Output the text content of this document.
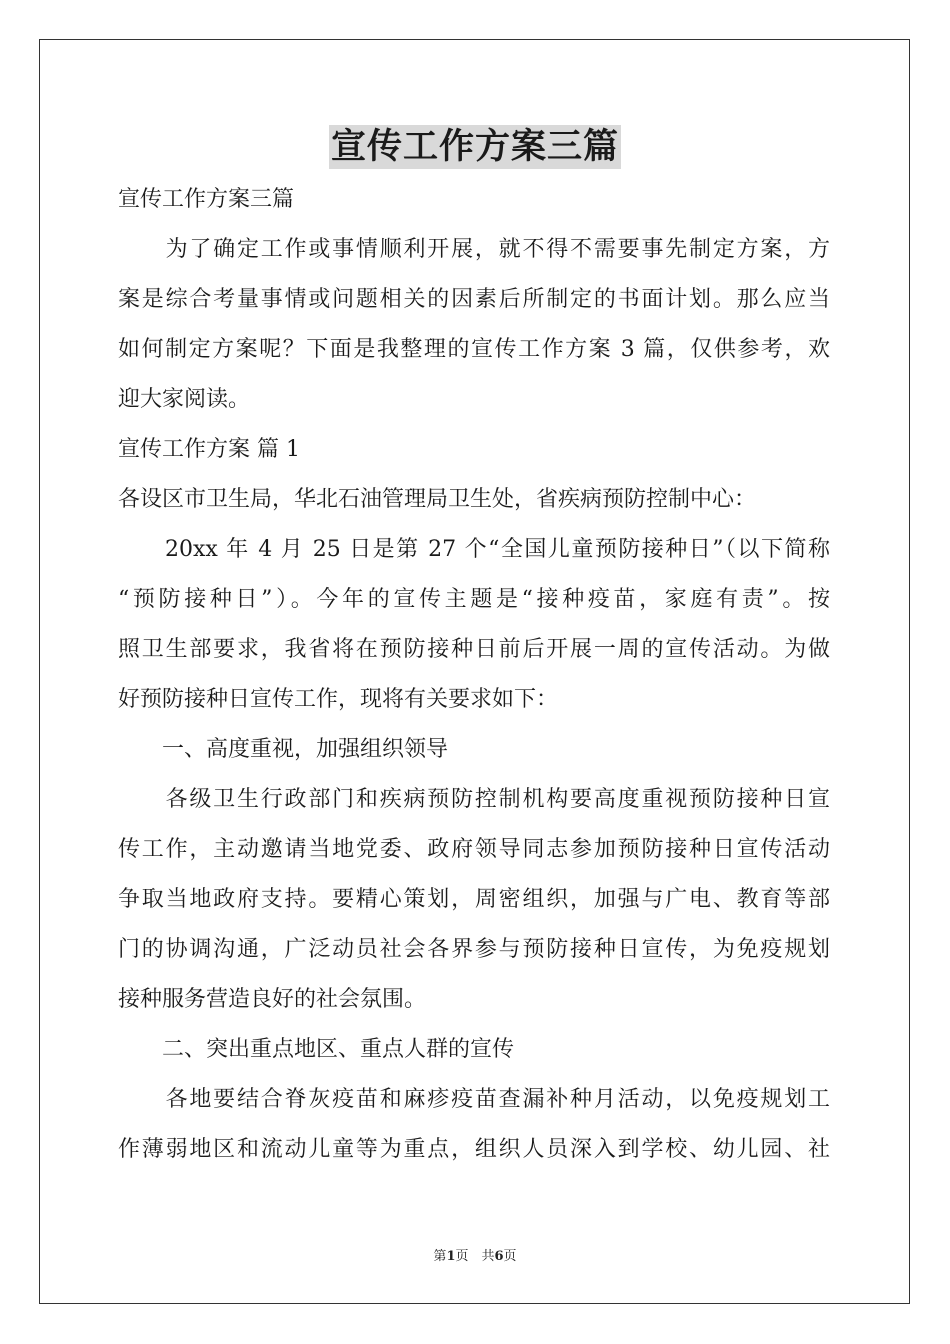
宣传工作方案三篇

宣传工作方案三篇

　　为了确定工作或事情顺利开展，就不得不需要事先制定方案，方

案是综合考量事情或问题相关的因素后所制定的书面计划。那么应当

如何制定方案呢？下面是我整理的宣传工作方案 3 篇，仅供参考，欢

迎大家阅读。

宣传工作方案 篇 1

各设区市卫生局，华北石油管理局卫生处，省疾病预防控制中心：

　　20xx 年 4 月 25 日是第 27 个“全国儿童预防接种日”（以下简称

“预防接种日”）。今年的宣传主题是“接种疫苗，家庭有责”。按

照卫生部要求，我省将在预防接种日前后开展一周的宣传活动。为做

好预防接种日宣传工作，现将有关要求如下：

　　一、高度重视，加强组织领导

　　各级卫生行政部门和疾病预防控制机构要高度重视预防接种日宣

传工作，主动邀请当地党委、政府领导同志参加预防接种日宣传活动

争取当地政府支持。要精心策划，周密组织，加强与广电、教育等部

门的协调沟通，广泛动员社会各界参与预防接种日宣传，为免疫规划

接种服务营造良好的社会氛围。

　　二、突出重点地区、重点人群的宣传

　　各地要结合脊灰疫苗和麻疹疫苗查漏补种月活动，以免疫规划工

作薄弱地区和流动儿童等为重点，组织人员深入到学校、幼儿园、社

第1页　共6页
